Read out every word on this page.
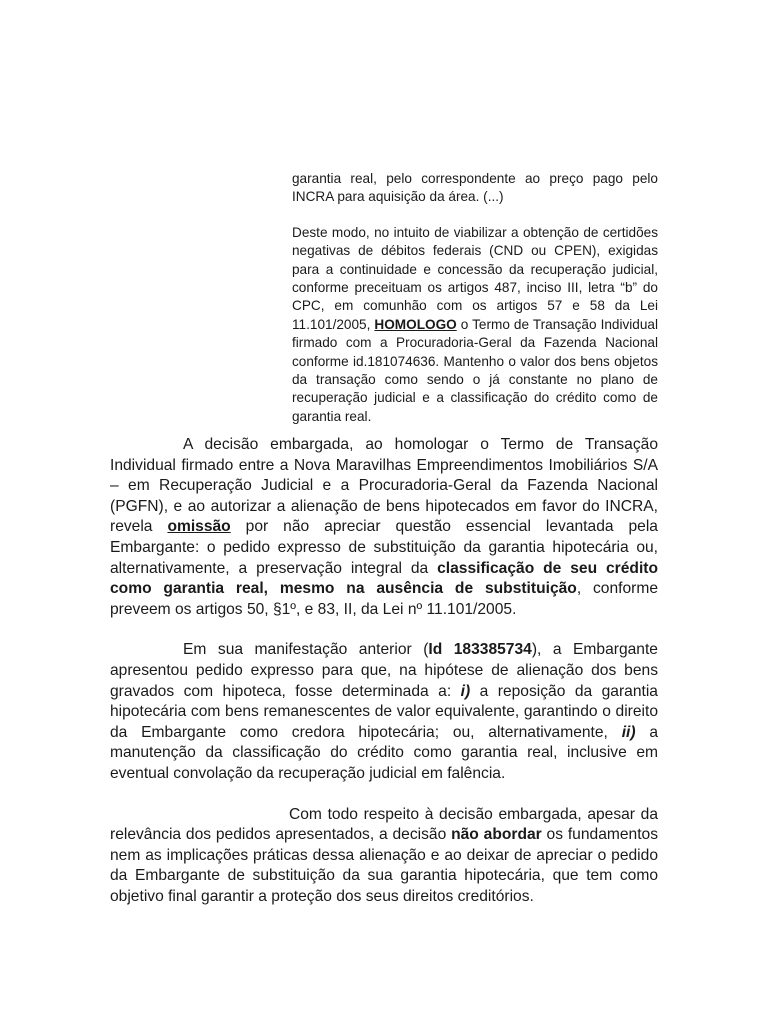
garantia real, pelo correspondente ao preço pago pelo INCRA para aquisição da área. (...)

Deste modo, no intuito de viabilizar a obtenção de certidões negativas de débitos federais (CND ou CPEN), exigidas para a continuidade e concessão da recuperação judicial, conforme preceituam os artigos 487, inciso III, letra “b” do CPC, em comunhão com os artigos 57 e 58 da Lei 11.101/2005, HOMOLOGO o Termo de Transação Individual firmado com a Procuradoria-Geral da Fazenda Nacional conforme id.181074636. Mantenho o valor dos bens objetos da transação como sendo o já constante no plano de recuperação judicial e a classificação do crédito como de garantia real.

A decisão embargada, ao homologar o Termo de Transação Individual firmado entre a Nova Maravilhas Empreendimentos Imobiliários S/A – em Recuperação Judicial e a Procuradoria-Geral da Fazenda Nacional (PGFN), e ao autorizar a alienação de bens hipotecados em favor do INCRA, revela omissão por não apreciar questão essencial levantada pela Embargante: o pedido expresso de substituição da garantia hipotecária ou, alternativamente, a preservação integral da classificação de seu crédito como garantia real, mesmo na ausência de substituição, conforme preveem os artigos 50, §1º, e 83, II, da Lei nº 11.101/2005.

Em sua manifestação anterior (Id 183385734), a Embargante apresentou pedido expresso para que, na hipótese de alienação dos bens gravados com hipoteca, fosse determinada a: i) a reposição da garantia hipotecária com bens remanescentes de valor equivalente, garantindo o direito da Embargante como credora hipotecária; ou, alternativamente, ii) a manutenção da classificação do crédito como garantia real, inclusive em eventual convolação da recuperação judicial em falência.

Com todo respeito à decisão embargada, apesar da relevância dos pedidos apresentados, a decisão não abordar os fundamentos nem as implicações práticas dessa alienação e ao deixar de apreciar o pedido da Embargante de substituição da sua garantia hipotecária, que tem como objetivo final garantir a proteção dos seus direitos creditórios.
